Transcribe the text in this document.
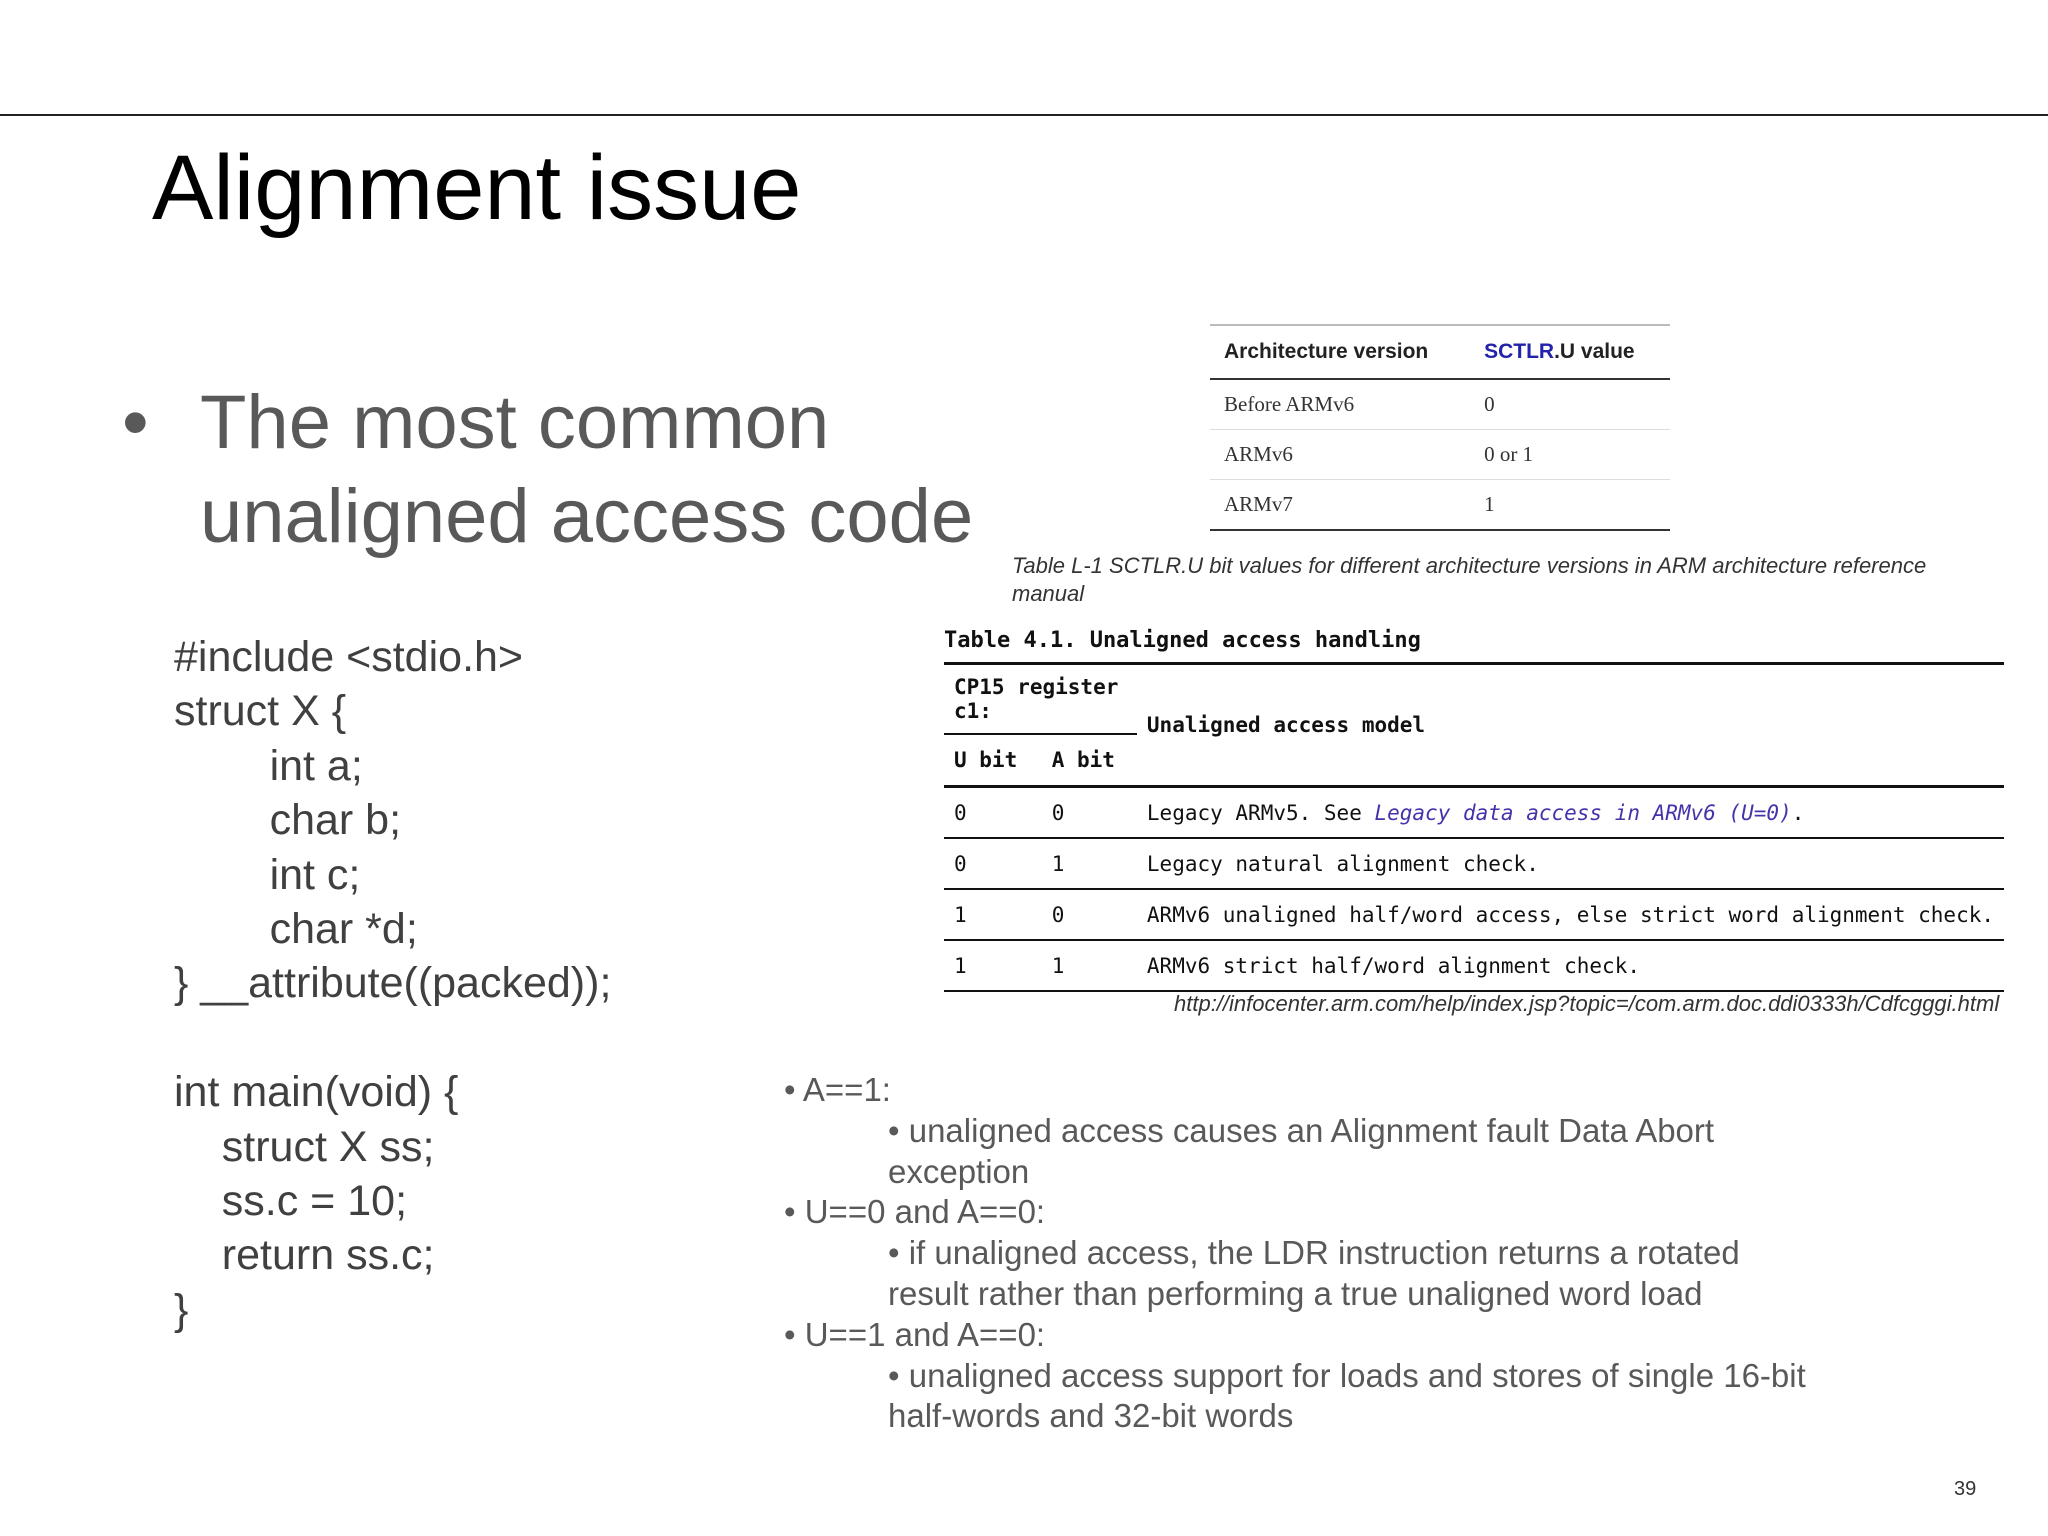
Alignment issue
• The most common
unaligned access code
#include <stdio.h>
struct X {
int a;
char b;
int c;
char *d;
} __attribute((packed));
int main(void) {
struct X ss;
ss.c = 10;
return ss.c;
}
Architecture version	SCTLR.U value
Before ARMv6	0
ARMv6	0 or 1
ARMv7	1
Table L-1 SCTLR.U bit values for different architecture versions in ARM architecture reference manual
Table 4.1. Unaligned access handling
CP15 register c1:		Unaligned access model
U bit	A bit	
0	0	Legacy ARMv5. See Legacy data access in ARMv6 (U=0).
0	1	Legacy natural alignment check.
1	0	ARMv6 unaligned half/word access, else strict word alignment check.
1	1	ARMv6 strict half/word alignment check.
http://infocenter.arm.com/help/index.jsp?topic=/com.arm.doc.ddi0333h/Cdfcgggi.html
• A==1:
• unaligned access causes an Alignment fault Data Abort
exception
• U==0 and A==0:
• if unaligned access, the LDR instruction returns a rotated
result rather than performing a true unaligned word load
• U==1 and A==0:
• unaligned access support for loads and stores of single 16-bit
half-words and 32-bit words
39
